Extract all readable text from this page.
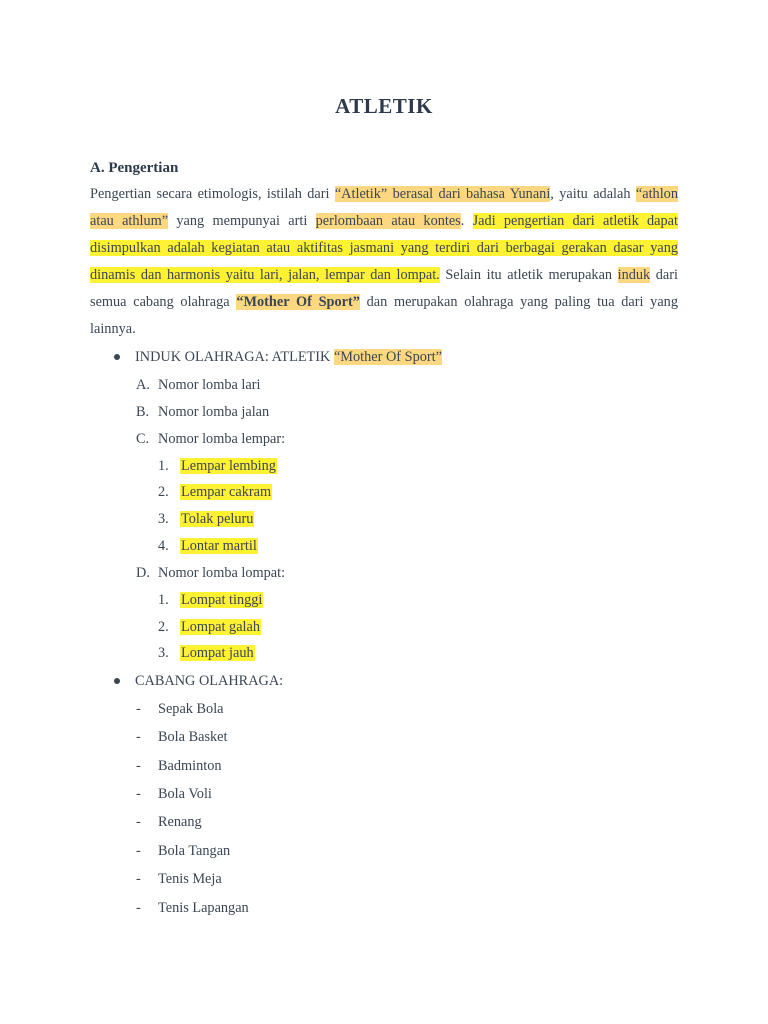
ATLETIK
A. Pengertian
Pengertian secara etimologis, istilah dari “Atletik” berasal dari bahasa Yunani, yaitu adalah “athlon atau athlum” yang mempunyai arti perlombaan atau kontes. Jadi pengertian dari atletik dapat disimpulkan adalah kegiatan atau aktifitas jasmani yang terdiri dari berbagai gerakan dasar yang dinamis dan harmonis yaitu lari, jalan, lempar dan lompat. Selain itu atletik merupakan induk dari semua cabang olahraga “Mother Of Sport” dan merupakan olahraga yang paling tua dari yang lainnya.
INDUK OLAHRAGA: ATLETIK “Mother Of Sport”
A. Nomor lomba lari
B. Nomor lomba jalan
C. Nomor lomba lempar:
1. Lempar lembing
2. Lempar cakram
3. Tolak peluru
4. Lontar martil
D. Nomor lomba lompat:
1. Lompat tinggi
2. Lompat galah
3. Lompat jauh
CABANG OLAHRAGA:
- Sepak Bola
- Bola Basket
- Badminton
- Bola Voli
- Renang
- Bola Tangan
- Tenis Meja
- Tenis Lapangan
